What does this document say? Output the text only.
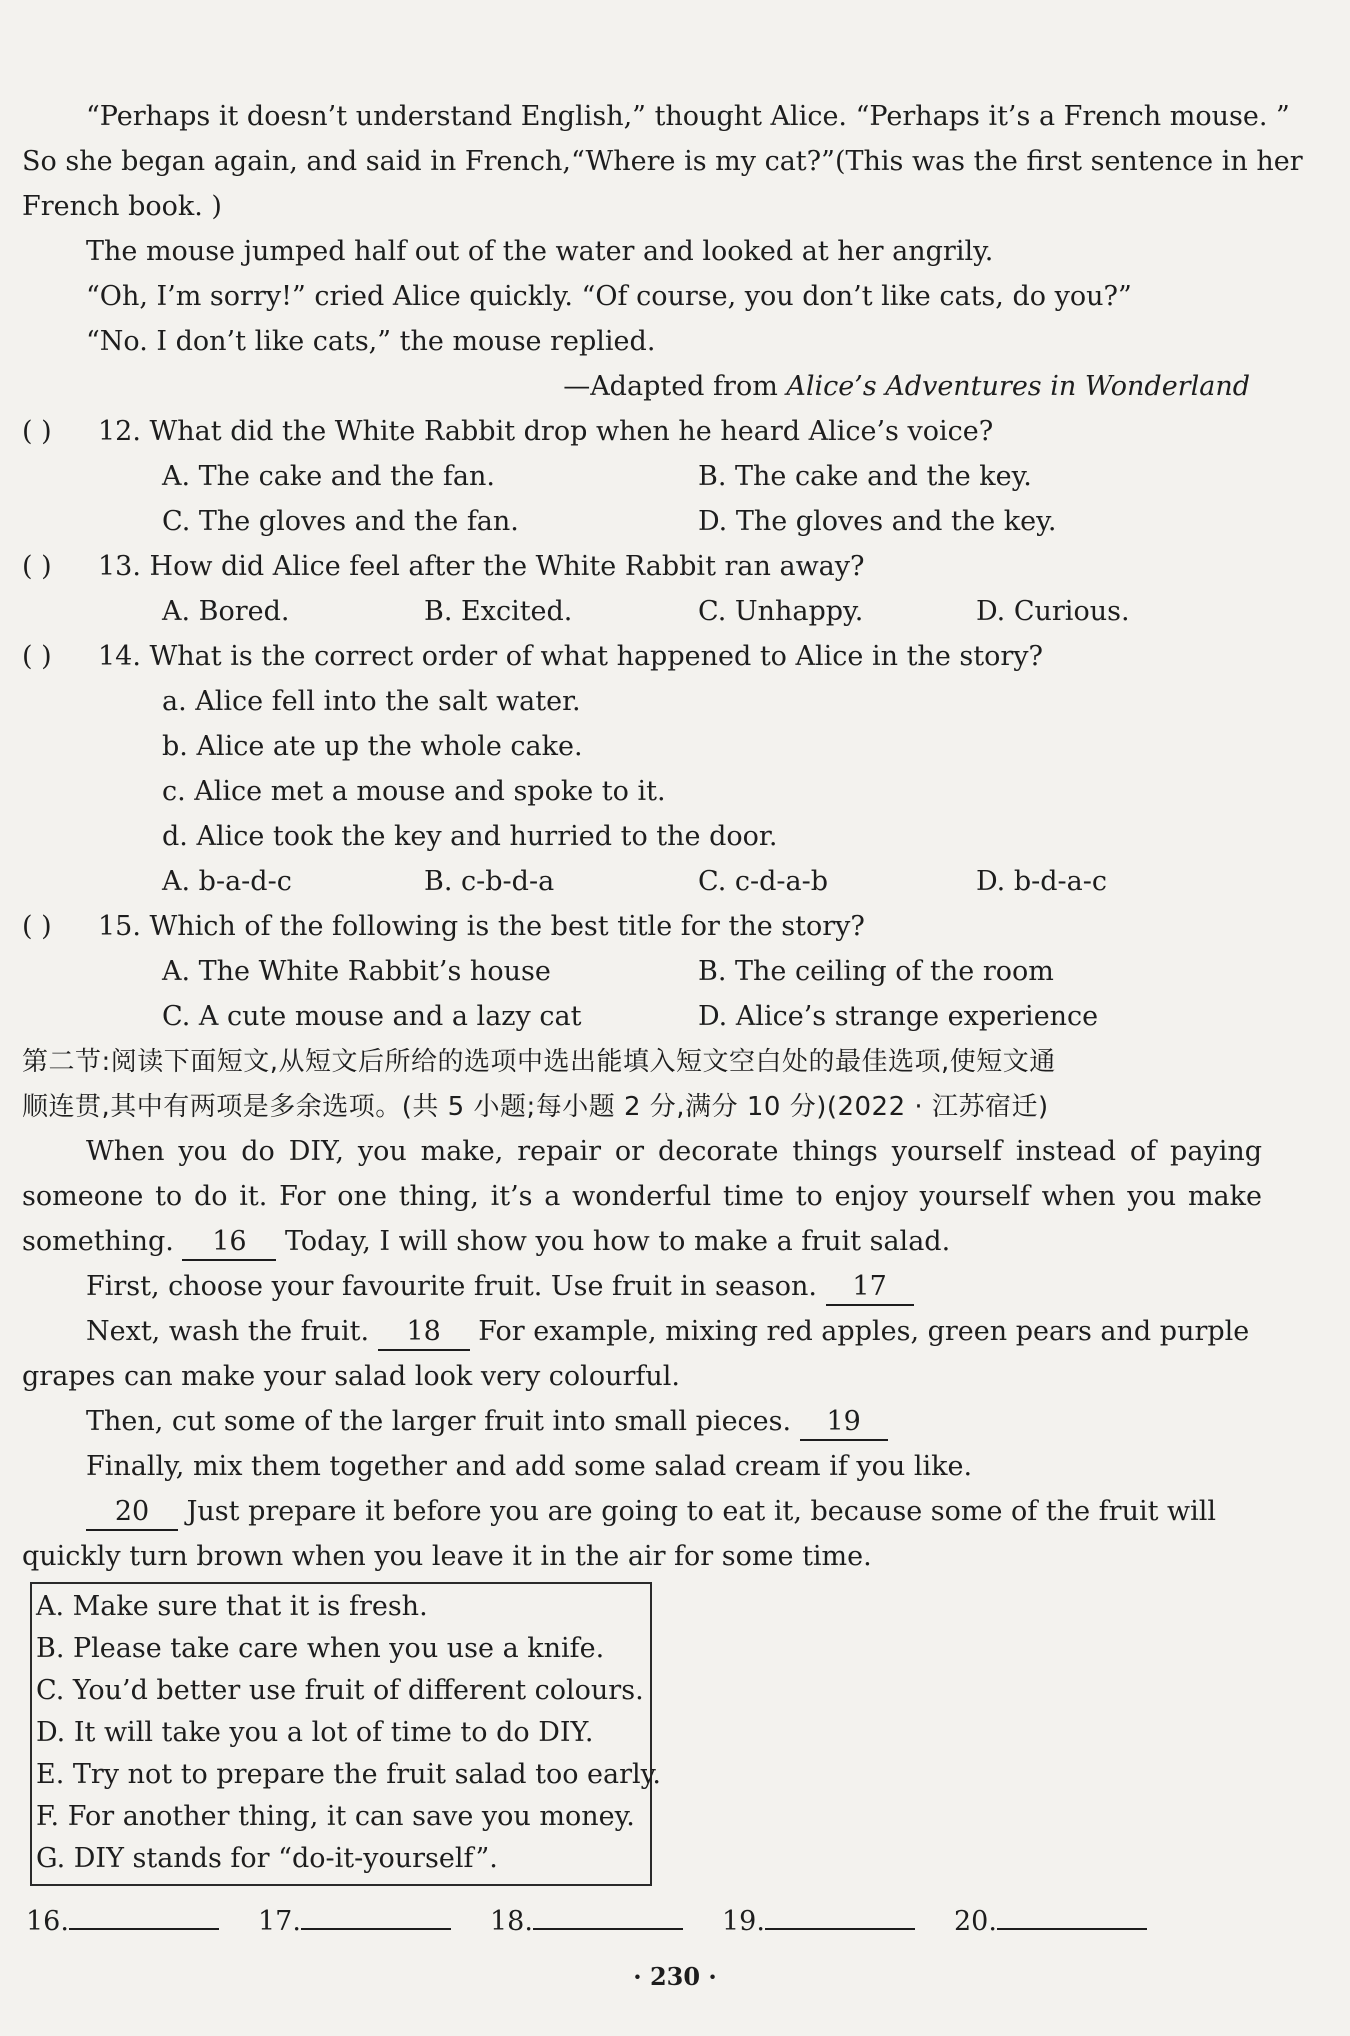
“Perhaps it doesn’t understand English,” thought Alice. “Perhaps it’s a French mouse. ”
So she began again, and said in French,“Where is my cat?”(This was the first sentence in her
French book. )
The mouse jumped half out of the water and looked at her angrily.
“Oh, I’m sorry!” cried Alice quickly. “Of course, you don’t like cats, do you?”
“No. I don’t like cats,” the mouse replied.
—Adapted from Alice’s Adventures in Wonderland
( ) 12. What did the White Rabbit drop when he heard Alice’s voice?
A. The cake and the fan.	B. The cake and the key.
C. The gloves and the fan.	D. The gloves and the key.
( ) 13. How did Alice feel after the White Rabbit ran away?
A. Bored.	B. Excited.	C. Unhappy.	D. Curious.
( ) 14. What is the correct order of what happened to Alice in the story?
a. Alice fell into the salt water.
b. Alice ate up the whole cake.
c. Alice met a mouse and spoke to it.
d. Alice took the key and hurried to the door.
A. b-a-d-c	B. c-b-d-a	C. c-d-a-b	D. b-d-a-c
( ) 15. Which of the following is the best title for the story?
A. The White Rabbit’s house	B. The ceiling of the room
C. A cute mouse and a lazy cat	D. Alice’s strange experience
第二节:阅读下面短文,从短文后所给的选项中选出能填入短文空白处的最佳选项,使短文通
顺连贯,其中有两项是多余选项。(共 5 小题;每小题 2 分,满分 10 分)(2022 · 江苏宿迁)
When you do DIY, you make, repair or decorate things yourself instead of paying
someone to do it. For one thing, it’s a wonderful time to enjoy yourself when you make
something. 16 Today, I will show you how to make a fruit salad.
First, choose your favourite fruit. Use fruit in season. 17
Next, wash the fruit. 18 For example, mixing red apples, green pears and purple
grapes can make your salad look very colourful.
Then, cut some of the larger fruit into small pieces. 19
Finally, mix them together and add some salad cream if you like.
20 Just prepare it before you are going to eat it, because some of the fruit will
quickly turn brown when you leave it in the air for some time.
A. Make sure that it is fresh.
B. Please take care when you use a knife.
C. You’d better use fruit of different colours.
D. It will take you a lot of time to do DIY.
E. Try not to prepare the fruit salad too early.
F. For another thing, it can save you money.
G. DIY stands for “do-it-yourself”.
16.	17.	18.	19.	20.
· 230 ·
